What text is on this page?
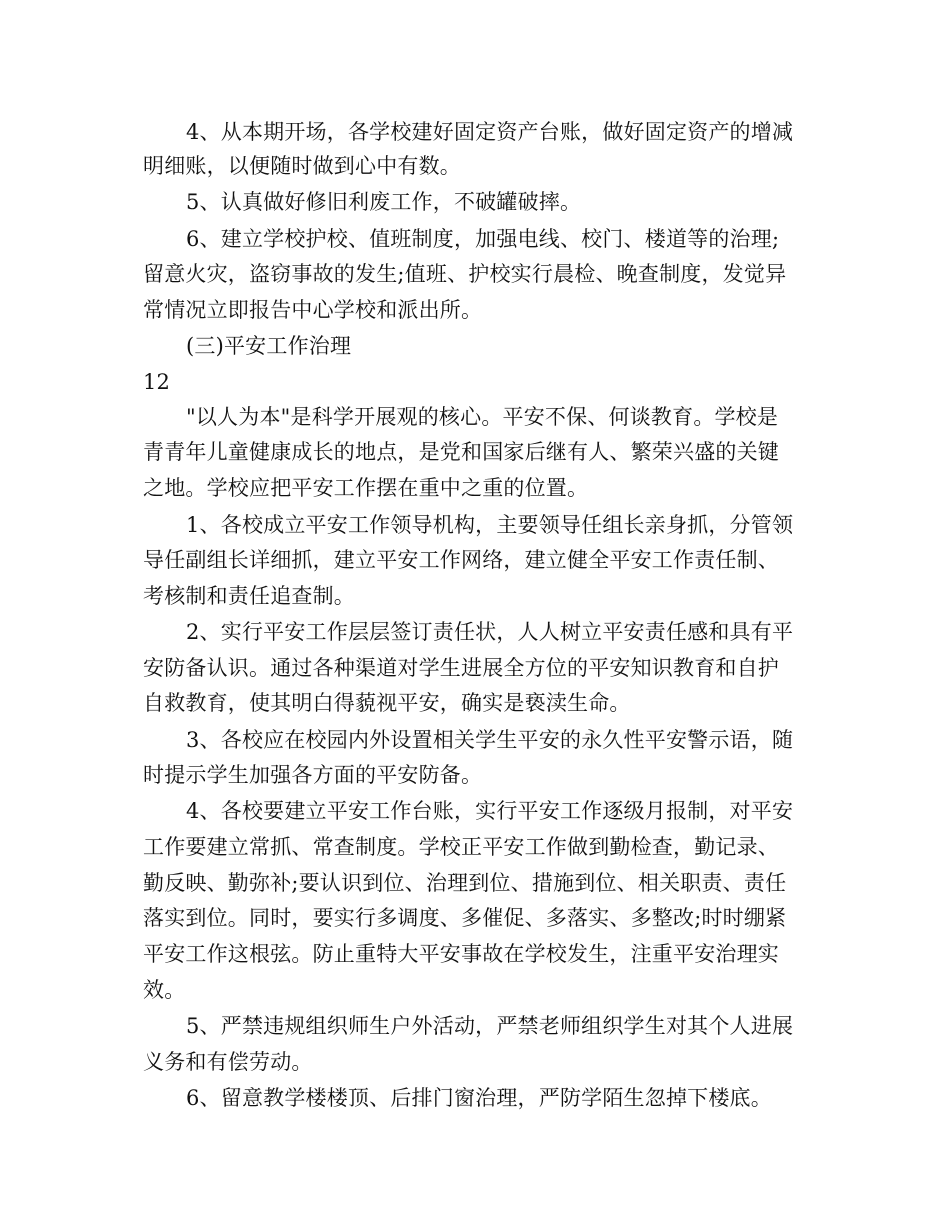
4、从本期开场，各学校建好固定资产台账，做好固定资产的增减
明细账，以便随时做到心中有数。
5、认真做好修旧利废工作，不破罐破摔。
6、建立学校护校、值班制度，加强电线、校门、楼道等的治理;
留意火灾，盗窃事故的发生;值班、护校实行晨检、晚查制度，发觉异
常情况立即报告中心学校和派出所。
(三)平安工作治理
12
"以人为本"是科学开展观的核心。平安不保、何谈教育。学校是
青青年儿童健康成长的地点，是党和国家后继有人、繁荣兴盛的关键
之地。学校应把平安工作摆在重中之重的位置。
1、各校成立平安工作领导机构，主要领导任组长亲身抓，分管领
导任副组长详细抓，建立平安工作网络，建立健全平安工作责任制、
考核制和责任追查制。
2、实行平安工作层层签订责任状，人人树立平安责任感和具有平
安防备认识。通过各种渠道对学生进展全方位的平安知识教育和自护
自救教育，使其明白得藐视平安，确实是亵渎生命。
3、各校应在校园内外设置相关学生平安的永久性平安警示语，随
时提示学生加强各方面的平安防备。
4、各校要建立平安工作台账，实行平安工作逐级月报制，对平安
工作要建立常抓、常查制度。学校正平安工作做到勤检查，勤记录、
勤反映、勤弥补;要认识到位、治理到位、措施到位、相关职责、责任
落实到位。同时，要实行多调度、多催促、多落实、多整改;时时绷紧
平安工作这根弦。防止重特大平安事故在学校发生，注重平安治理实
效。
5、严禁违规组织师生户外活动，严禁老师组织学生对其个人进展
义务和有偿劳动。
6、留意教学楼楼顶、后排门窗治理，严防学陌生忽掉下楼底。
